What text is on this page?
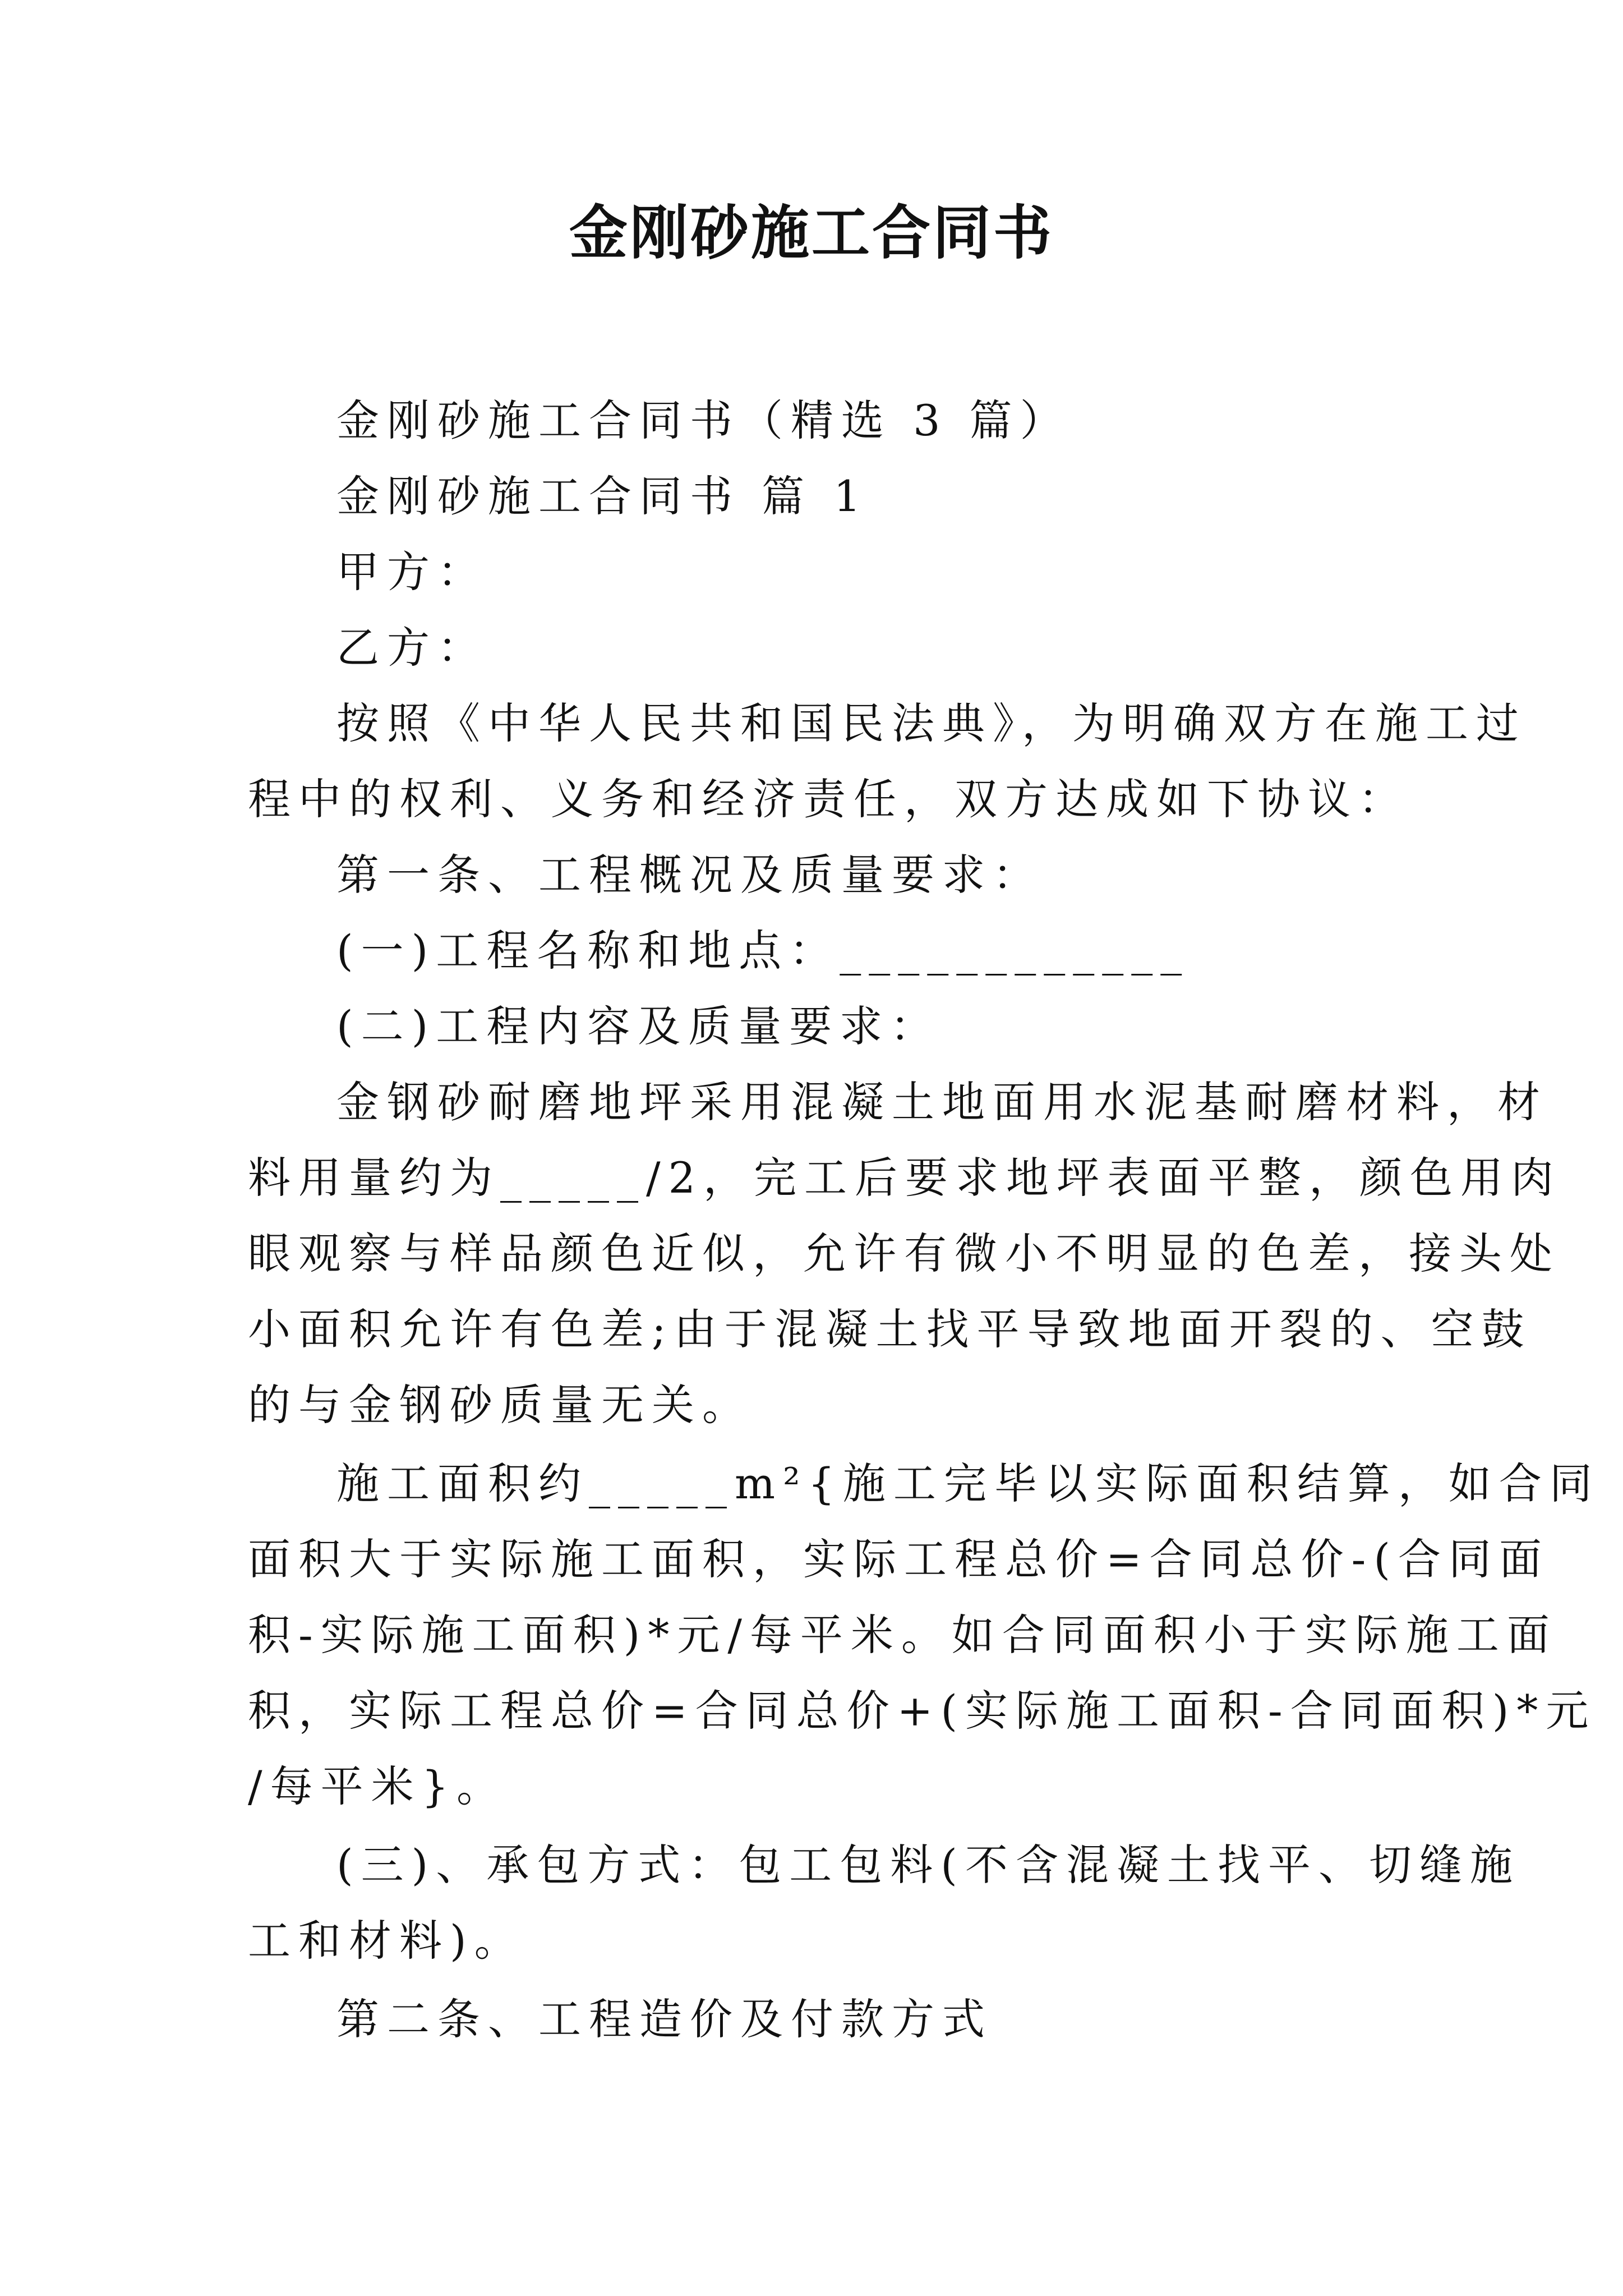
金刚砂施工合同书
金刚砂施工合同书（精选 3 篇）
金刚砂施工合同书 篇 1
甲方：
乙方：
按照《中华人民共和国民法典》，为明确双方在施工过
程中的权利、义务和经济责任，双方达成如下协议：
第一条、工程概况及质量要求：
(一)工程名称和地点：____________
(二)工程内容及质量要求：
金钢砂耐磨地坪采用混凝土地面用水泥基耐磨材料，材
料用量约为_____/2，完工后要求地坪表面平整，颜色用肉
眼观察与样品颜色近似，允许有微小不明显的色差，接头处
小面积允许有色差;由于混凝土找平导致地面开裂的、空鼓
的与金钢砂质量无关。
施工面积约_____m²{施工完毕以实际面积结算，如合同
面积大于实际施工面积，实际工程总价=合同总价-(合同面
积-实际施工面积)*元/每平米。如合同面积小于实际施工面
积，实际工程总价=合同总价+(实际施工面积-合同面积)*元
/每平米}。
(三)、承包方式：包工包料(不含混凝土找平、切缝施
工和材料)。
第二条、工程造价及付款方式
